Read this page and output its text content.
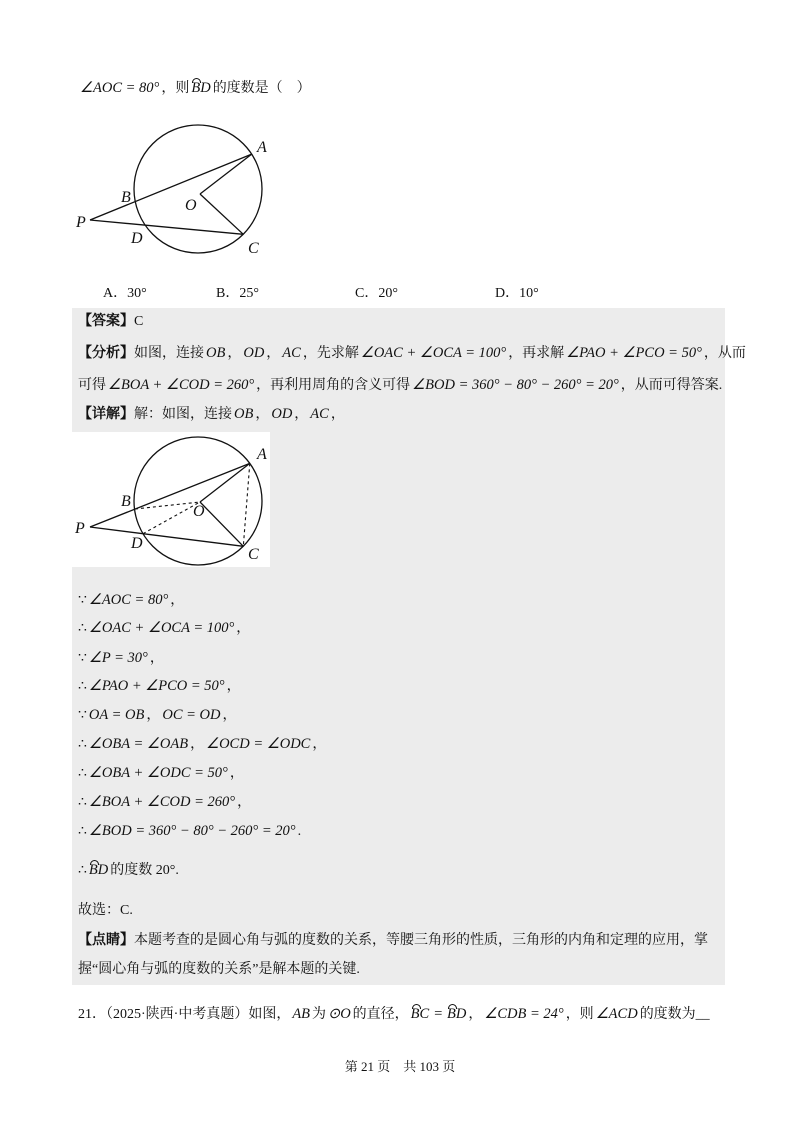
∠AOC = 80° ，则 BD 的度数是（　）
A
B	O
P
D
C
A．30°	B．25°	C．20°	D．10°
【答案】C
【分析】如图，连接 OB ， OD ， AC ，先求解 ∠OAC + ∠OCA = 100° ，再求解 ∠PAO + ∠PCO = 50° ，从而
可得 ∠BOA + ∠COD = 260° ，再利用周角的含义可得 ∠BOD = 360° − 80° − 260° = 20° ，从而可得答案.
【详解】解：如图，连接 OB ， OD ， AC ，
A
B
O
P
D
C
∵ ∠AOC = 80° ，
∴ ∠OAC + ∠OCA = 100° ，
∵ ∠P = 30° ，
∴ ∠PAO + ∠PCO = 50° ，
∵ OA = OB ， OC = OD ，
∴ ∠OBA = ∠OAB ， ∠OCD = ∠ODC ，
∴ ∠OBA + ∠ODC = 50° ，
∴ ∠BOA + ∠COD = 260° ，
∴ ∠BOD = 360° − 80° − 260° = 20° .
∴ BD 的度数 20°.
故选：C.
【点睛】本题考查的是圆心角与弧的度数的关系，等腰三角形的性质，三角形的内角和定理的应用，掌
握“圆心角与弧的度数的关系”是解本题的关键.
21．（2025·陕西·中考真题）如图， AB 为 ⊙O 的直径， BC = BD ， ∠CDB = 24° ，则 ∠ACD 的度数为__
第 21 页　共 103 页
